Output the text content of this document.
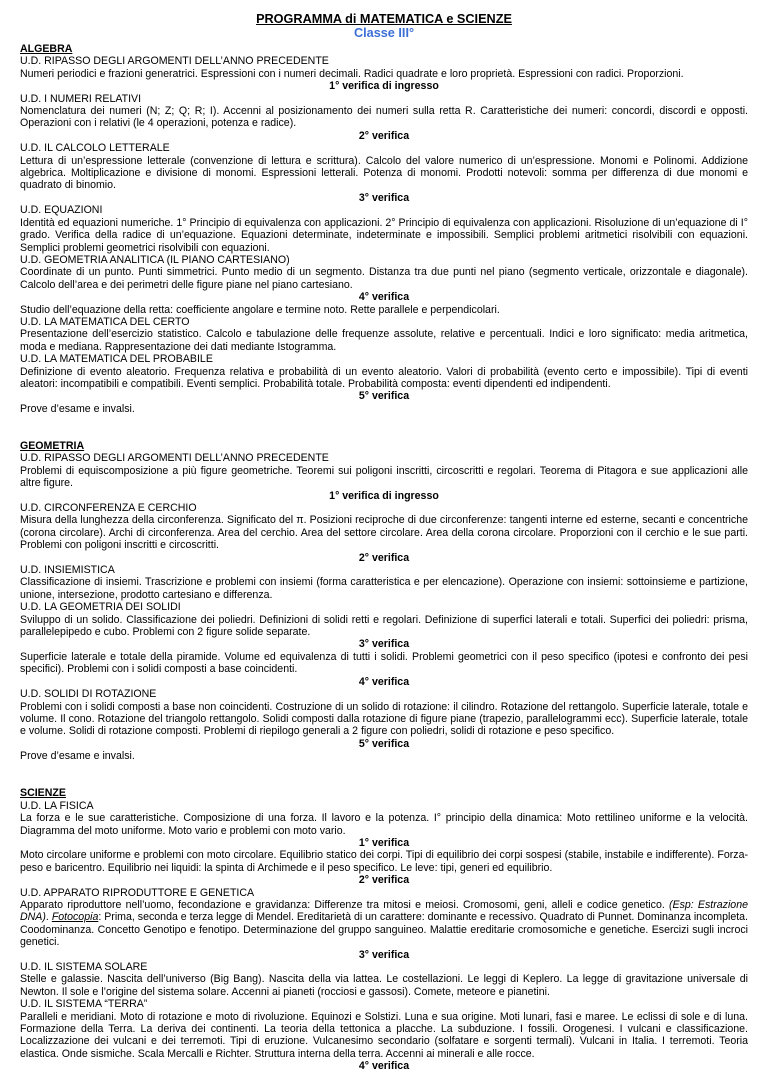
PROGRAMMA di MATEMATICA e SCIENZE
Classe III°
ALGEBRA
U.D. RIPASSO DEGLI ARGOMENTI DELL’ANNO PRECEDENTE
Numeri periodici e frazioni generatrici. Espressioni con i numeri decimali. Radici quadrate e loro proprietà. Espressioni con radici. Proporzioni.
1° verifica di ingresso
U.D. I NUMERI RELATIVI
Nomenclatura dei numeri (N; Z; Q; R; I). Accenni al posizionamento dei numeri sulla retta R. Caratteristiche dei numeri: concordi, discordi e opposti. Operazioni con i relativi (le 4 operazioni, potenza e radice).
2° verifica
U.D. IL CALCOLO LETTERALE
Lettura di un’espressione letterale (convenzione di lettura e scrittura). Calcolo del valore numerico di un’espressione. Monomi e Polinomi. Addizione algebrica. Moltiplicazione e divisione di monomi. Espressioni letterali. Potenza di monomi. Prodotti notevoli: somma per differenza di due monomi e quadrato di binomio.
3° verifica
U.D. EQUAZIONI
Identità ed equazioni numeriche. 1° Principio di equivalenza con applicazioni. 2° Principio di equivalenza con applicazioni. Risoluzione di un’equazione di I° grado. Verifica della radice di un’equazione. Equazioni determinate, indeterminate e impossibili. Semplici problemi aritmetici risolvibili con equazioni. Semplici problemi geometrici risolvibili con equazioni.
U.D. GEOMETRIA ANALITICA (IL PIANO CARTESIANO)
Coordinate di un punto. Punti simmetrici. Punto medio di un segmento. Distanza tra due punti nel piano (segmento verticale, orizzontale e diagonale). Calcolo dell’area e dei perimetri delle figure piane nel piano cartesiano.
4° verifica
Studio dell’equazione della retta: coefficiente angolare e termine noto. Rette parallele e perpendicolari.
U.D. LA MATEMATICA DEL CERTO
Presentazione dell’esercizio statistico. Calcolo e tabulazione delle frequenze assolute, relative e percentuali. Indici e loro significato: media aritmetica, moda e mediana. Rappresentazione dei dati mediante Istogramma.
U.D. LA MATEMATICA DEL PROBABILE
Definizione di evento aleatorio. Frequenza relativa e probabilità di un evento aleatorio. Valori di probabilità (evento certo e impossibile). Tipi di eventi aleatori: incompatibili e compatibili. Eventi semplici. Probabilità totale. Probabilità composta: eventi dipendenti ed indipendenti.
5° verifica
Prove d’esame e invalsi.
GEOMETRIA
U.D. RIPASSO DEGLI ARGOMENTI DELL’ANNO PRECEDENTE
Problemi di equiscomposizione a più figure geometriche. Teoremi sui poligoni inscritti, circoscritti e regolari. Teorema di Pitagora e sue applicazioni alle altre figure.
1° verifica di ingresso
U.D. CIRCONFERENZA E CERCHIO
Misura della lunghezza della circonferenza. Significato del π. Posizioni reciproche di due circonferenze: tangenti interne ed esterne, secanti e concentriche (corona circolare). Archi di circonferenza. Area del cerchio. Area del settore circolare. Area della corona circolare. Proporzioni con il cerchio e le sue parti. Problemi con poligoni inscritti e circoscritti.
2° verifica
U.D. INSIEMISTICA
Classificazione di insiemi. Trascrizione e problemi con insiemi (forma caratteristica e per elencazione). Operazione con insiemi: sottoinsieme e partizione, unione, intersezione, prodotto cartesiano e differenza.
U.D. LA GEOMETRIA DEI SOLIDI
Sviluppo di un solido. Classificazione dei poliedri. Definizioni di solidi retti e regolari. Definizione di superfici laterali e totali. Superfici dei poliedri: prisma, parallelepipedo e cubo. Problemi con 2 figure solide separate.
3° verifica
Superficie laterale e totale della piramide. Volume ed equivalenza di tutti i solidi. Problemi geometrici con il peso specifico (ipotesi e confronto dei pesi specifici). Problemi con i solidi composti a base coincidenti.
4° verifica
U.D. SOLIDI DI ROTAZIONE
Problemi con i solidi composti a base non coincidenti. Costruzione di un solido di rotazione: il cilindro. Rotazione del rettangolo. Superficie laterale, totale e volume. Il cono. Rotazione del triangolo rettangolo. Solidi composti dalla rotazione di figure piane (trapezio, parallelogrammi ecc). Superficie laterale, totale e volume. Solidi di rotazione composti. Problemi di riepilogo generali a 2 figure con poliedri, solidi di rotazione e peso specifico.
5° verifica
Prove d’esame e invalsi.
SCIENZE
U.D. LA FISICA
La forza e le sue caratteristiche. Composizione di una forza. Il lavoro e la potenza. I° principio della dinamica: Moto rettilineo uniforme e la velocità. Diagramma del moto uniforme. Moto vario e problemi con moto vario.
1° verifica
Moto circolare uniforme e problemi con moto circolare. Equilibrio statico dei corpi. Tipi di equilibrio dei corpi sospesi (stabile, instabile e indifferente). Forza-peso e baricentro. Equilibrio nei liquidi: la spinta di Archimede e il peso specifico. Le leve: tipi, generi ed equilibrio.
2° verifica
U.D. APPARATO RIPRODUTTORE E GENETICA
Apparato riproduttore nell’uomo, fecondazione e gravidanza: Differenze tra mitosi e meiosi. Cromosomi, geni, alleli e codice genetico. (Esp: Estrazione DNA). Fotocopia: Prima, seconda e terza legge di Mendel. Ereditarietà di un carattere: dominante e recessivo. Quadrato di Punnet. Dominanza incompleta. Coodominanza. Concetto Genotipo e fenotipo. Determinazione del gruppo sanguineo. Malattie ereditarie cromosomiche e genetiche. Esercizi sugli incroci genetici.
3° verifica
U.D. IL SISTEMA SOLARE
Stelle e galassie. Nascita dell’universo (Big Bang). Nascita della via lattea. Le costellazioni. Le leggi di Keplero. La legge di gravitazione universale di Newton. Il sole e l’origine del sistema solare. Accenni ai pianeti (rocciosi e gassosi). Comete, meteore e pianetini.
U.D. IL SISTEMA “TERRA”
Paralleli e meridiani. Moto di rotazione e moto di rivoluzione. Equinozi e Solstizi. Luna e sua origine. Moti lunari, fasi e maree. Le eclissi di sole e di luna. Formazione della Terra. La deriva dei continenti. La teoria della tettonica a placche. La subduzione. I fossili. Orogenesi. I vulcani e classificazione. Localizzazione dei vulcani e dei terremoti. Tipi di eruzione. Vulcanesimo secondario (solfatare e sorgenti termali). Vulcani in Italia. I terremoti. Teoria elastica. Onde sismiche. Scala Mercalli e Richter. Struttura interna della terra. Accenni ai minerali e alle rocce.
4° verifica
